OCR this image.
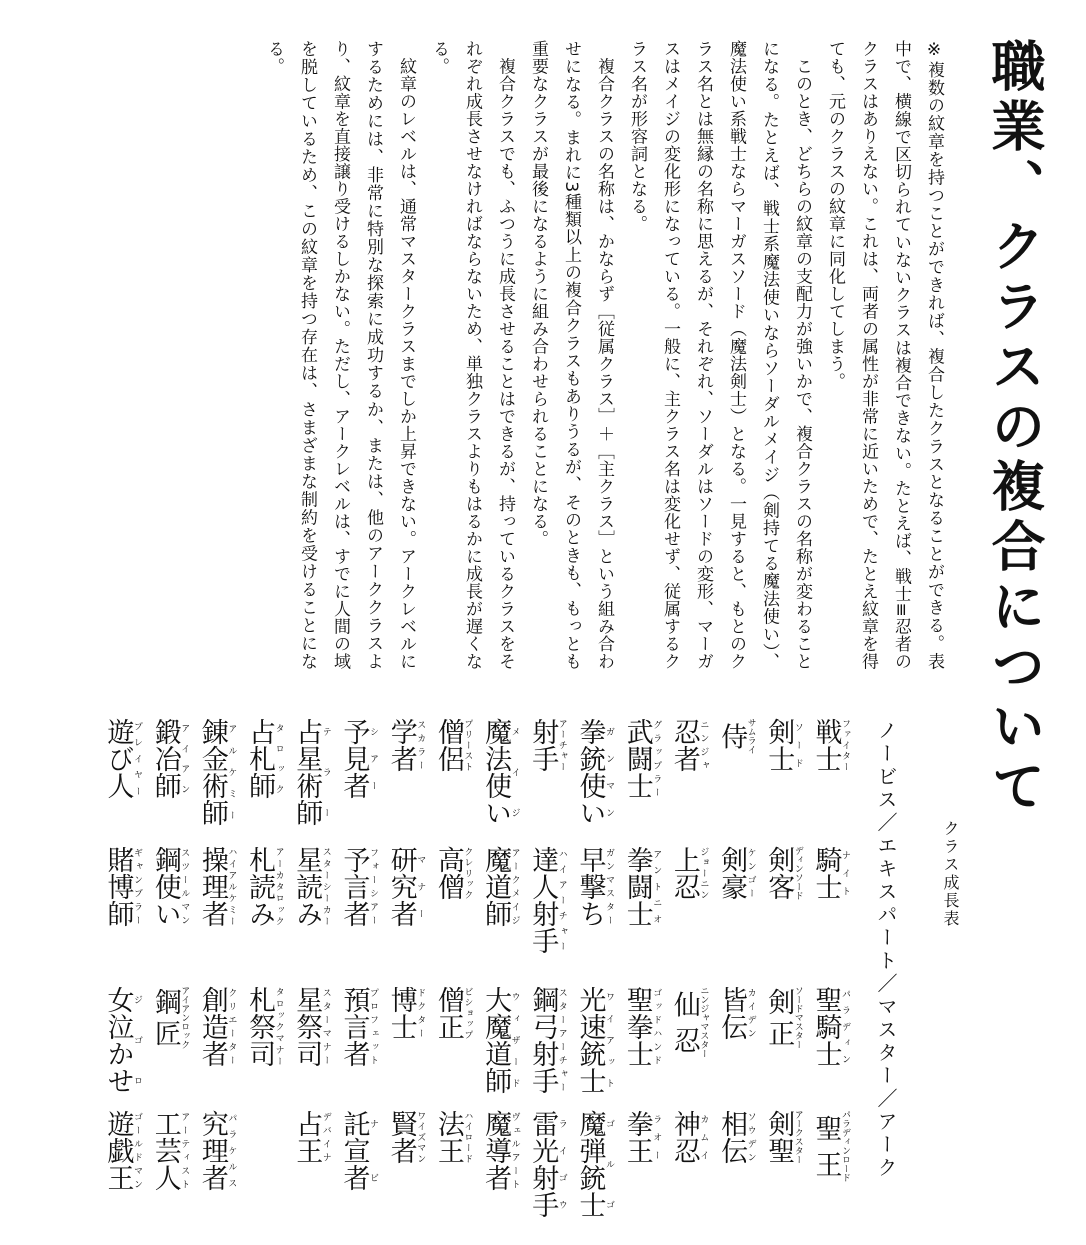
職業、クラスの複合について

※複数の紋章を持つことができれば、複合したクラスとなることができる。表中で、横線で区切られていないクラスは複合できない。たとえば、戦士≡忍者のクラスはありえない。これは、両者の属性が非常に近いためで、たとえ紋章を得ても、元のクラスの紋章に同化してしまう。

　このとき、どちらの紋章の支配力が強いかで、複合クラスの名称が変わることになる。たとえば、戦士系魔法使いならソーダルメイジ（剣持てる魔法使い）、魔法使い系戦士ならマーガスソード（魔法剣士）となる。一見すると、もとのクラス名とは無縁の名称に思えるが、それぞれ、ソーダルはソードの変形、マーガスはメイジの変化形になっている。一般に、主クラス名は変化せず、従属するクラス名が形容詞となる。

　複合クラスの名称は、かならず［従属クラス］＋［主クラス］という組み合わせになる。まれに3種類以上の複合クラスもありうるが、そのときも、もっとも重要なクラスが最後になるように組み合わせられることになる。

　複合クラスでも、ふつうに成長させることはできるが、持っているクラスをそれぞれ成長させなければならないため、単独クラスよりもはるかに成長が遅くなる。

　紋章のレベルは、通常マスタークラスまでしか上昇できない。アークレベルにするためには、非常に特別な探索に成功するか、または、他のアーククラスより、紋章を直接譲り受けるしかない。ただし、アークレベルは、すでに人間の域を脱しているため、この紋章を持つ存在は、さまざまな制約を受けることになる。

クラス成長表
ノービス／エキスパート／マスター／アーク
戦士ファイター
騎士ナイト
聖騎士パラディン
聖王パラディンロード
剣士ソード
剣客ディンソード
剣正ソードマスター
剣聖アークスター
侍サムライ
剣豪ケンゴー
皆伝カイデン
相伝ソウデン
忍者ニンジャ
上忍ジョーニン
仙忍ニンジャマスター
神忍カムイ
武闘士グラップラー
拳闘士アントニオ
聖拳士ゴッドハンド
拳王ラオー
拳銃使いガンマン
早撃ちガンマスター
光速銃士ワイアット
魔弾銃士ゴルゴ
射手アーチャー
達人射手ハイアーチャー
鋼弓射手スターアーチャー
雷光射手ライゴウ
魔法使いメイジ
魔道師アークメイジ
大魔道師ウィザード
魔導者ヴェルアート
僧侶プリースト
高僧クレリック
僧正ビショップ
法王ハイロード
学者スカラー
研究者マナー
博士ドクター
賢者ワイズマン
予見者シアー
予言者フォーシアー
預言者プロフェット
託宣者ナビ
占星術師テラー
星読みスターシーカー
星祭司スターマナー
占王デバイナ
占札師タロック
札読みアーカタロック
札祭司タロックマナー
錬金術師アルケミー
操理者ハイアルケミー
創造者クリエーター
究理者パラケルス
鍛冶師アイアン
鋼使いスツールマン
鋼匠アイアンロック
工芸人アーティスト
遊び人プレイヤー
賭博師ギャンブラー
女泣かせジゴロ
遊戯王ゴールドマン
